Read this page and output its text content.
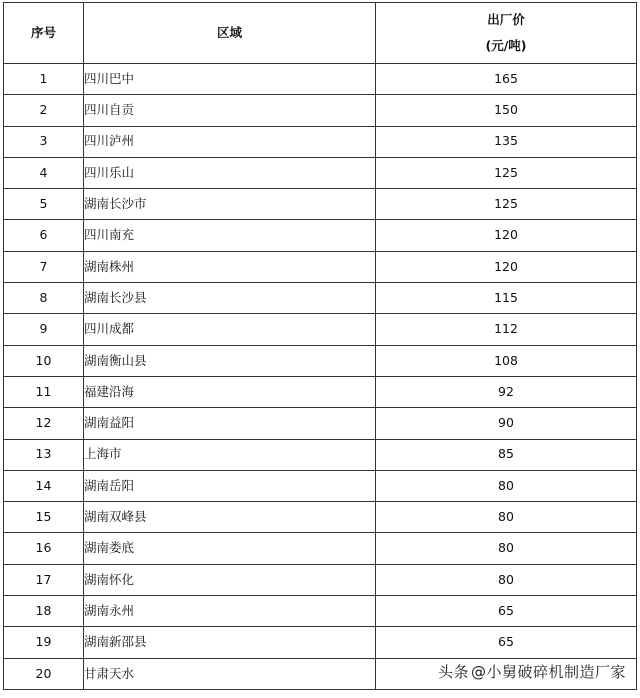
序号	区域	出厂价
(元/吨)

1	四川巴中	165
2	四川自贡	150
3	四川泸州	135
4	四川乐山	125
5	湖南长沙市	125
6	四川南充	120
7	湖南株州	120
8	湖南长沙县	115
9	四川成都	112
10	湖南衡山县	108
11	福建沿海	92
12	湖南益阳	90
13	上海市	85
14	湖南岳阳	80
15	湖南双峰县	80
16	湖南娄底	80
17	湖南怀化	80
18	湖南永州	65
19	湖南新邵县	65
20	甘肃天水		头条 @小舅破碎机制造厂家
